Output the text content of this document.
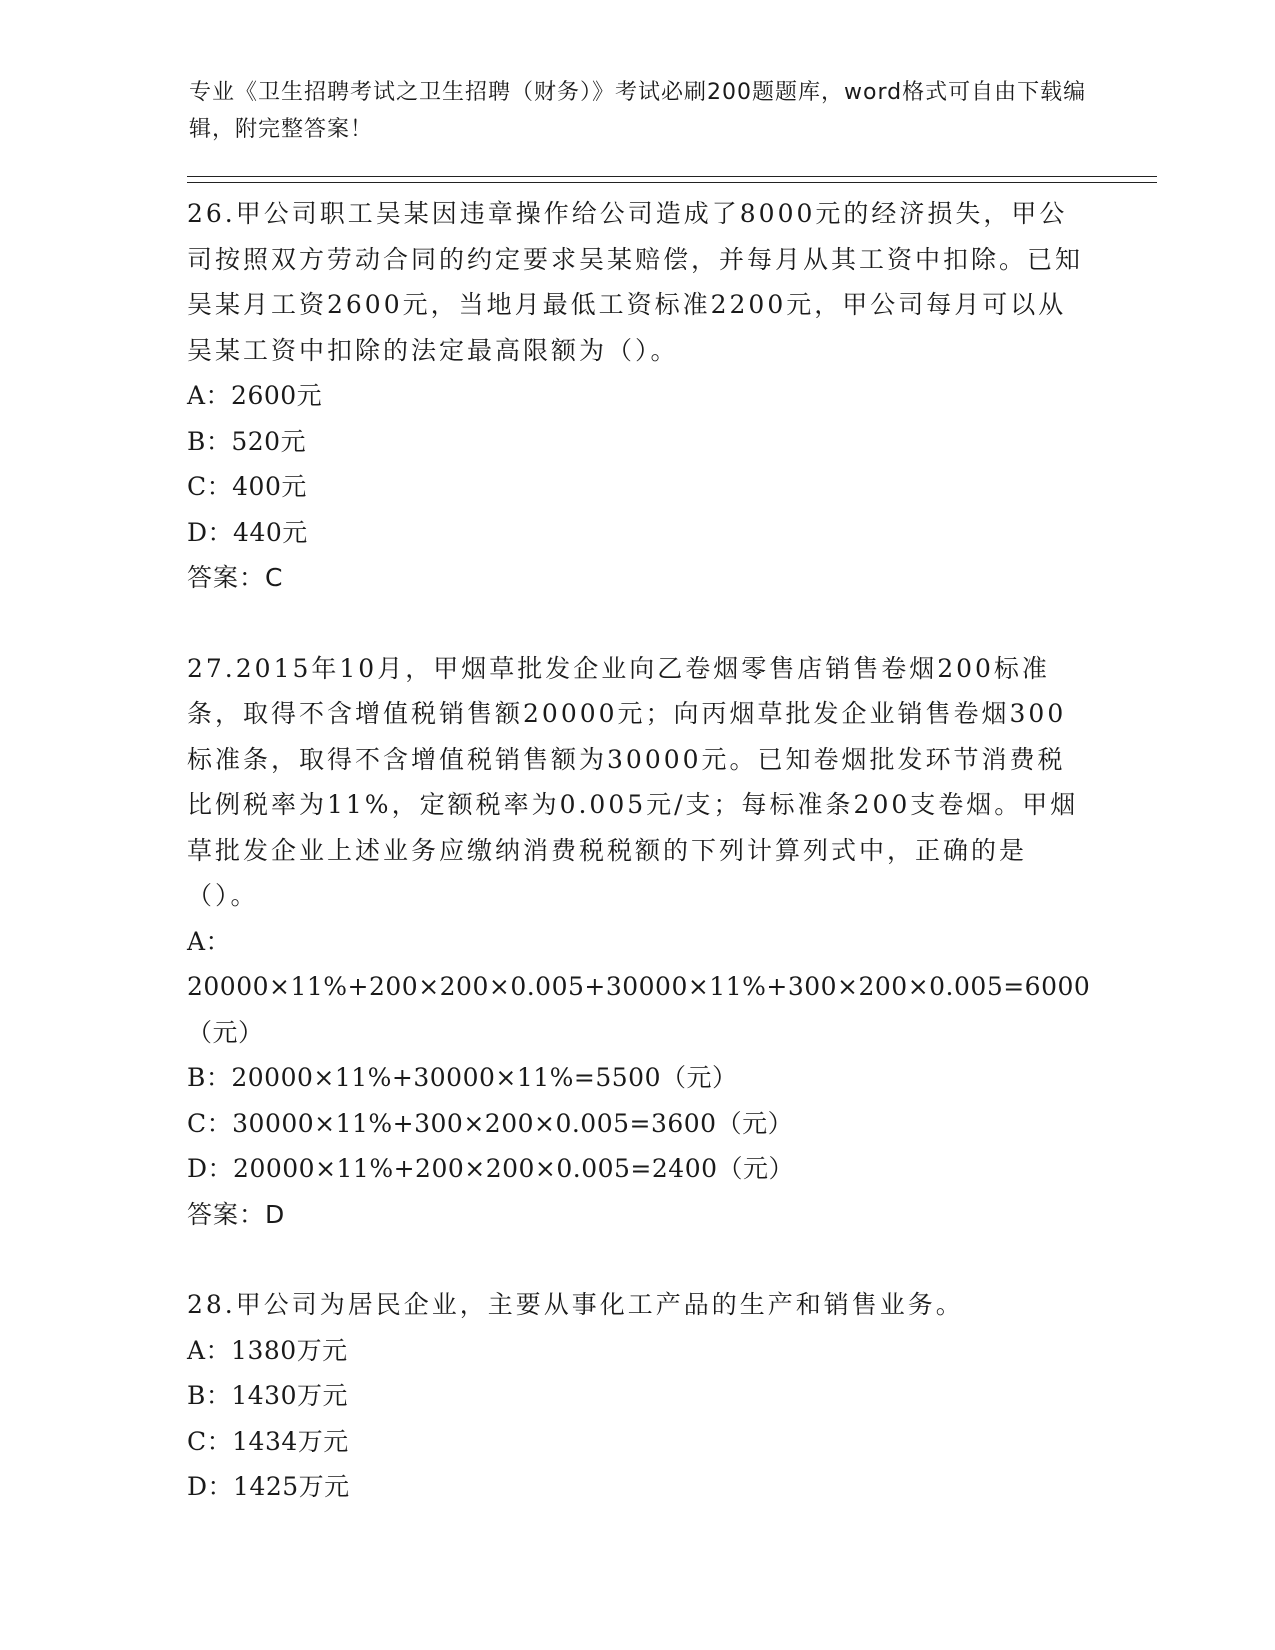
专业《卫生招聘考试之卫生招聘（财务）》考试必刷200题题库，word格式可自由下载编辑，附完整答案！

26.甲公司职工吴某因违章操作给公司造成了8000元的经济损失，甲公司按照双方劳动合同的约定要求吴某赔偿，并每月从其工资中扣除。已知吴某月工资2600元，当地月最低工资标准2200元，甲公司每月可以从吴某工资中扣除的法定最高限额为（）。

A：2600元

B：520元

C：400元

D：440元

答案：C

27.2015年10月，甲烟草批发企业向乙卷烟零售店销售卷烟200标准条，取得不含增值税销售额20000元；向丙烟草批发企业销售卷烟300标准条，取得不含增值税销售额为30000元。已知卷烟批发环节消费税比例税率为11%，定额税率为0.005元/支；每标准条200支卷烟。甲烟草批发企业上述业务应缴纳消费税税额的下列计算列式中，正确的是（）。

A：20000×11%+200×200×0.005+30000×11%+300×200×0.005=6000（元）

B：20000×11%+30000×11%=5500（元）

C：30000×11%+300×200×0.005=3600（元）

D：20000×11%+200×200×0.005=2400（元）

答案：D

28.甲公司为居民企业，主要从事化工产品的生产和销售业务。

A：1380万元

B：1430万元

C：1434万元

D：1425万元
